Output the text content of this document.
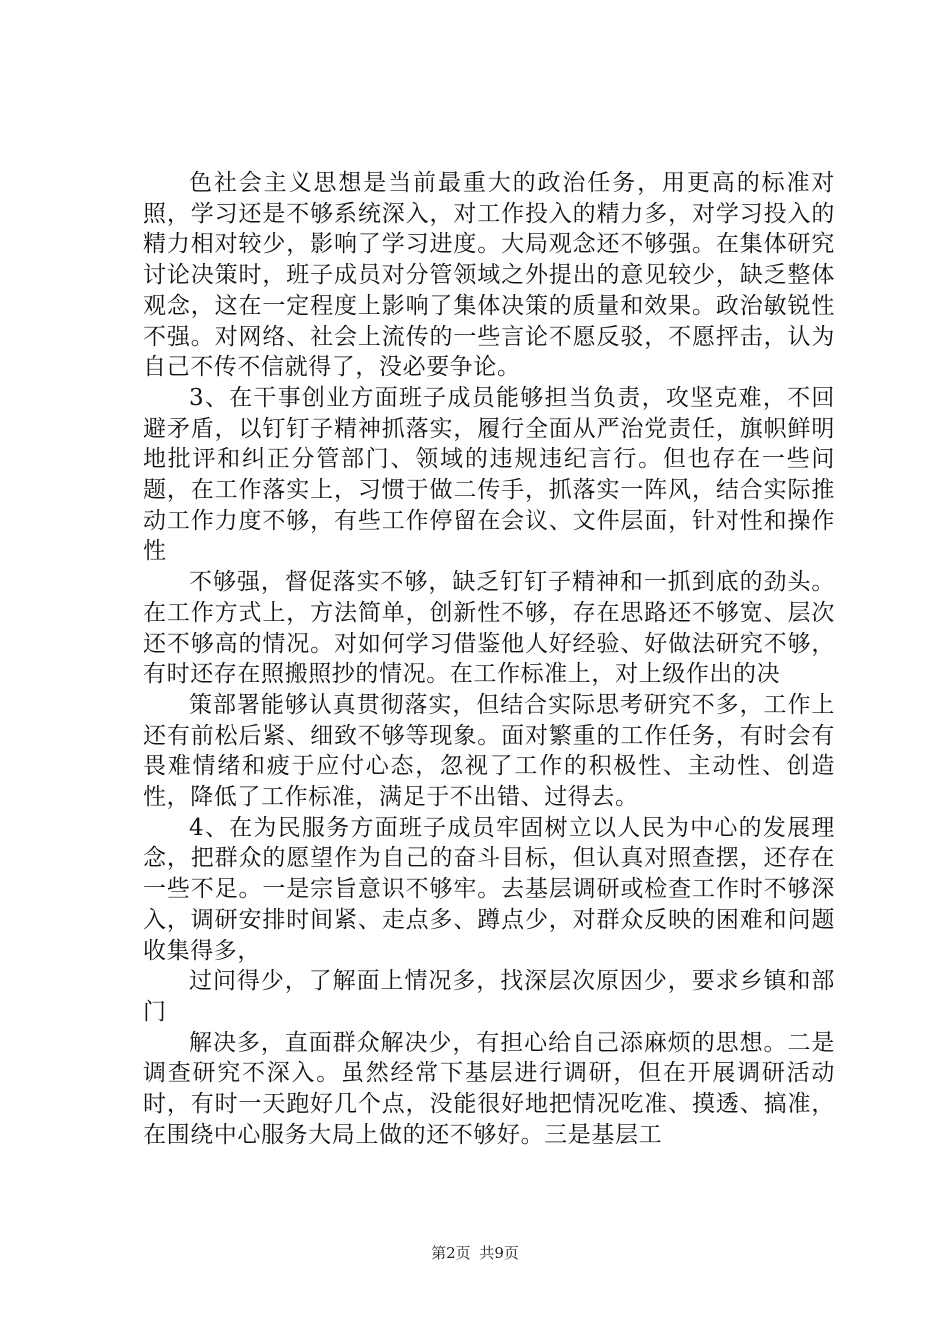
色社会主义思想是当前最重大的政治任务，用更高的标准对照，学习还是不够系统深入，对工作投入的精力多，对学习投入的精力相对较少，影响了学习进度。大局观念还不够强。在集体研究讨论决策时，班子成员对分管领域之外提出的意见较少，缺乏整体观念，这在一定程度上影响了集体决策的质量和效果。政治敏锐性不强。对网络、社会上流传的一些言论不愿反驳，不愿抨击，认为自己不传不信就得了，没必要争论。

3、在干事创业方面班子成员能够担当负责，攻坚克难，不回避矛盾，以钉钉子精神抓落实，履行全面从严治党责任，旗帜鲜明地批评和纠正分管部门、领域的违规违纪言行。但也存在一些问题，在工作落实上，习惯于做二传手，抓落实一阵风，结合实际推动工作力度不够，有些工作停留在会议、文件层面，针对性和操作性

不够强，督促落实不够，缺乏钉钉子精神和一抓到底的劲头。在工作方式上，方法简单，创新性不够，存在思路还不够宽、层次还不够高的情况。对如何学习借鉴他人好经验、好做法研究不够，有时还存在照搬照抄的情况。在工作标准上，对上级作出的决

策部署能够认真贯彻落实，但结合实际思考研究不多，工作上还有前松后紧、细致不够等现象。面对繁重的工作任务，有时会有畏难情绪和疲于应付心态，忽视了工作的积极性、主动性、创造性，降低了工作标准，满足于不出错、过得去。

4、在为民服务方面班子成员牢固树立以人民为中心的发展理念，把群众的愿望作为自己的奋斗目标，但认真对照查摆，还存在一些不足。一是宗旨意识不够牢。去基层调研或检查工作时不够深入，调研安排时间紧、走点多、蹲点少，对群众反映的困难和问题收集得多，

过问得少，了解面上情况多，找深层次原因少，要求乡镇和部门

解决多，直面群众解决少，有担心给自己添麻烦的思想。二是调查研究不深入。虽然经常下基层进行调研，但在开展调研活动时，有时一天跑好几个点，没能很好地把情况吃准、摸透、搞准，在围绕中心服务大局上做的还不够好。三是基层工

第2页 共9页
